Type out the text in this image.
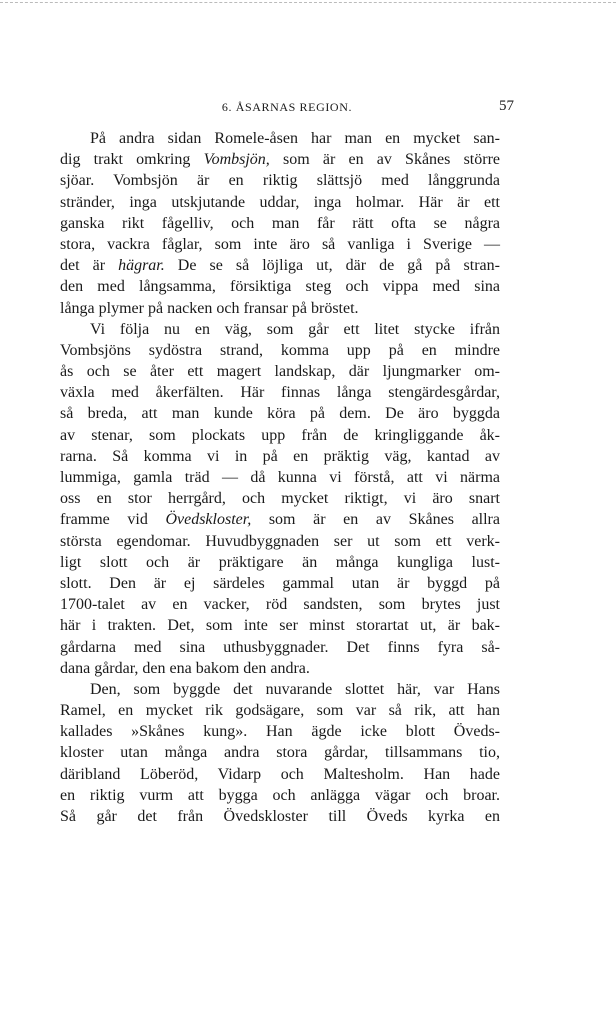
6. ÅSARNAS REGION.	57
På andra sidan Romele-åsen har man en mycket san-
dig trakt omkring Vombsjön, som är en av Skånes större
sjöar. Vombsjön är en riktig slättsjö med långgrunda
stränder, inga utskjutande uddar, inga holmar. Här är ett
ganska rikt fågelliv, och man får rätt ofta se några
stora, vackra fåglar, som inte äro så vanliga i Sverige —
det är hägrar. De se så löjliga ut, där de gå på stran-
den med långsamma, försiktiga steg och vippa med sina
långa plymer på nacken och fransar på bröstet.
Vi följa nu en väg, som går ett litet stycke ifrån
Vombsjöns sydöstra strand, komma upp på en mindre
ås och se åter ett magert landskap, där ljungmarker om-
växla med åkerfälten. Här finnas långa stengärdesgårdar,
så breda, att man kunde köra på dem. De äro byggda
av stenar, som plockats upp från de kringliggande åk-
rarna. Så komma vi in på en präktig väg, kantad av
lummiga, gamla träd — då kunna vi förstå, att vi närma
oss en stor herrgård, och mycket riktigt, vi äro snart
framme vid Övedskloster, som är en av Skånes allra
största egendomar. Huvudbyggnaden ser ut som ett verk-
ligt slott och är präktigare än många kungliga lust-
slott. Den är ej särdeles gammal utan är byggd på
1700-talet av en vacker, röd sandsten, som brytes just
här i trakten. Det, som inte ser minst storartat ut, är bak-
gårdarna med sina uthusbyggnader. Det finns fyra så-
dana gårdar, den ena bakom den andra.
Den, som byggde det nuvarande slottet här, var Hans
Ramel, en mycket rik godsägare, som var så rik, att han
kallades »Skånes kung». Han ägde icke blott Öveds-
kloster utan många andra stora gårdar, tillsammans tio,
däribland Löberöd, Vidarp och Maltesholm. Han hade
en riktig vurm att bygga och anlägga vägar och broar.
Så går det från Övedskloster till Öveds kyrka en
